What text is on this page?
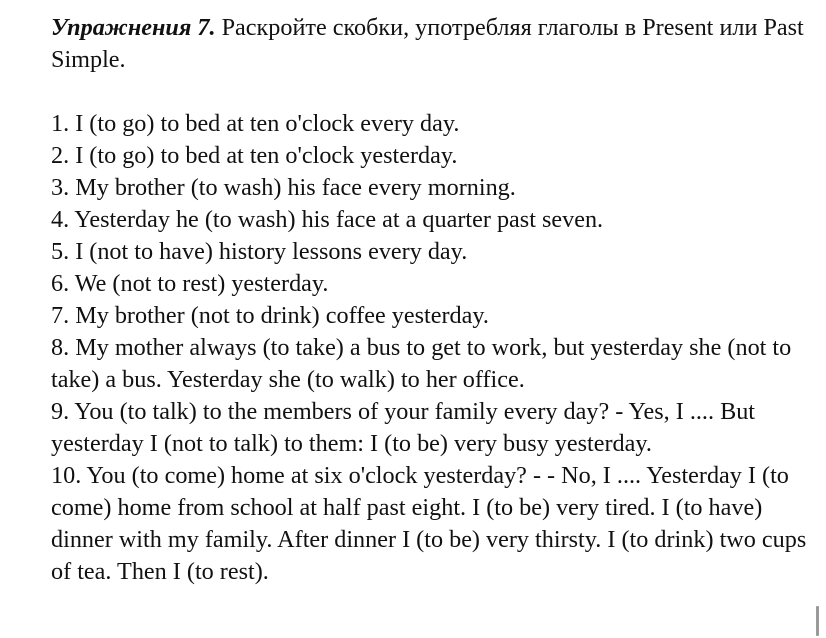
Упражнения 7. Раскройте скобки, употребляя глаголы в Present или Past Simple.
1. I (to go) to bed at ten o'clock every day.
2. I (to go) to bed at ten o'clock yesterday.
3. My brother (to wash) his face every morning.
4. Yesterday he (to wash) his face at a quarter past seven.
5. I (not to have) history lessons every day.
6. We (not to rest) yesterday.
7. My brother (not to drink) coffee yesterday.
8. My mother always (to take) a bus to get to work, but yesterday she (not to take) a bus. Yesterday she (to walk) to her office.
9. You (to talk) to the members of your family every day? - Yes, I .... But yesterday I (not to talk) to them: I (to be) very busy yesterday.
10. You (to come) home at six o'clock yesterday? - - No, I .... Yesterday I (to come) home from school at half past eight. I (to be) very tired. I (to have) dinner with my family. After dinner I (to be) very thirsty. I (to drink) two cups of tea. Then I (to rest).
